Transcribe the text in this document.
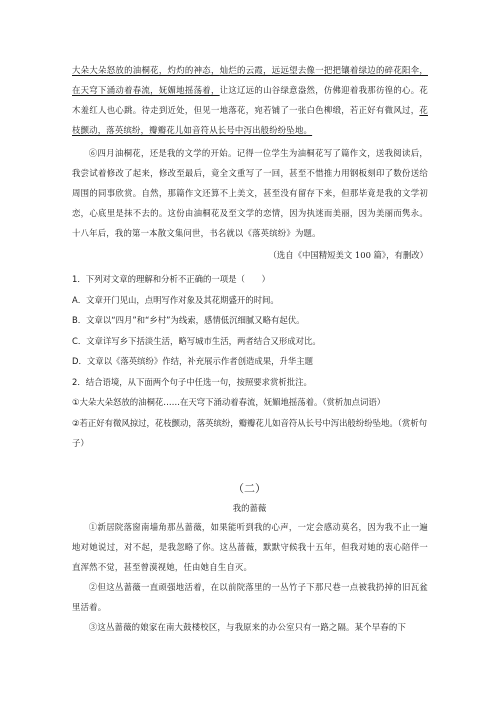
大朵大朵怒放的油桐花，灼灼的神态，灿烂的云霞，远远望去像一把把镶着绿边的碎花阳伞，在天穹下涌动着春流，妩媚地摇荡着，让这辽远的山谷绿意盎然，仿佛迎着我那彷徨的心。花木羞红人也心跳。待走到近处，但见一地落花，宛若铺了一张白色柳缎，若正好有微风过，花枝颤动，落英缤纷，瓣瓣花儿如音符从长号中泻出般纷纷坠地。

⑥四月油桐花，还是我的文学的开始。记得一位学生为油桐花写了篇作文，送我阅读后，我尝试着修改了起来，修改至最后，竟全文重写了一回，甚至不惜推力用钢板刻印了数份送给周围的同事欣赏。自然，那篇作文还算不上美文，甚至没有留存下来，但那毕竟是我的文学初恋，心底里是抹不去的。这份由油桐花及至文学的恋情，因为执迷而美丽，因为美丽而隽永。十八年后，我的第一本散文集问世，书名就以《落英缤纷》为题。

（选自《中国精短美文 100 篇》，有删改）

1．下列对文章的理解和分析不正确的一项是（　　）

A．文章开门见山，点明写作对象及其花期盛开的时间。

B．文章以“四月”和“乡村”为线索，感情低沉细腻又略有起伏。

C．文章详写乡下括淡生活，略写城市生活，两者结合又形成对比。

D．文章以《落英缤纷》作结，补充展示作者创造成果，升华主题

2．结合语境，从下面两个句子中任选一句，按照要求赏析批注。

①大朵大朵怒放的油桐花……在天穹下涌动着春流，妩媚地摇荡着。（赏析加点词语）

②若正好有微风掠过，花枝颤动，落英缤纷，瓣瓣花儿如音符从长号中泻出般纷纷坠地。（赏析句子）

（二）
我的蔷薇

①新居院落窗南墙角那丛蔷薇，如果能听到我的心声，一定会感动莫名，因为我不止一遍地对她说过，对不起，是我忽略了你。这丛蔷薇，默默守候我十五年，但我对她的衷心陪伴一直浑然不觉，甚至曾漠视她，任由她自生自灭。

②但这丛蔷薇一直顽强地活着，在以前院落里的一丛竹子下那尺巷一点被我扔掉的旧瓦盆里活着。

③这丛蔷薇的娘家在南大鼓楼校区，与我原来的办公室只有一路之隔。某个早春的下
